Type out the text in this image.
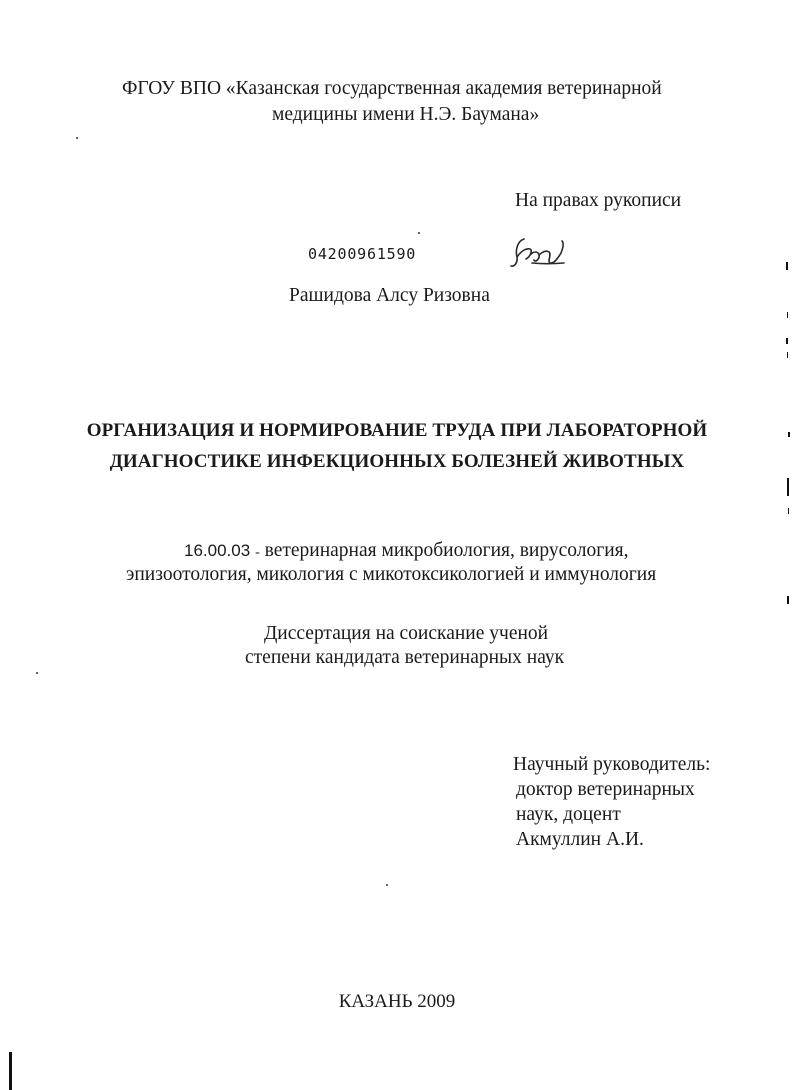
ФГОУ ВПО «Казанская государственная академия ветеринарной
медицины имени Н.Э. Баумана»
На правах рукописи
04200961590
Рашидова Алсу Ризовна
ОРГАНИЗАЦИЯ И НОРМИРОВАНИЕ ТРУДА ПРИ ЛАБОРАТОРНОЙ
ДИАГНОСТИКЕ ИНФЕКЦИОННЫХ БОЛЕЗНЕЙ ЖИВОТНЫХ
16.00.03 - ветеринарная микробиология, вирусология,
эпизоотология, микология с микотоксикологией и иммунология
Диссертация на соискание ученой
степени кандидата ветеринарных наук
Научный руководитель:
доктор ветеринарных
наук, доцент
Акмуллин А.И.
КАЗАНЬ 2009
